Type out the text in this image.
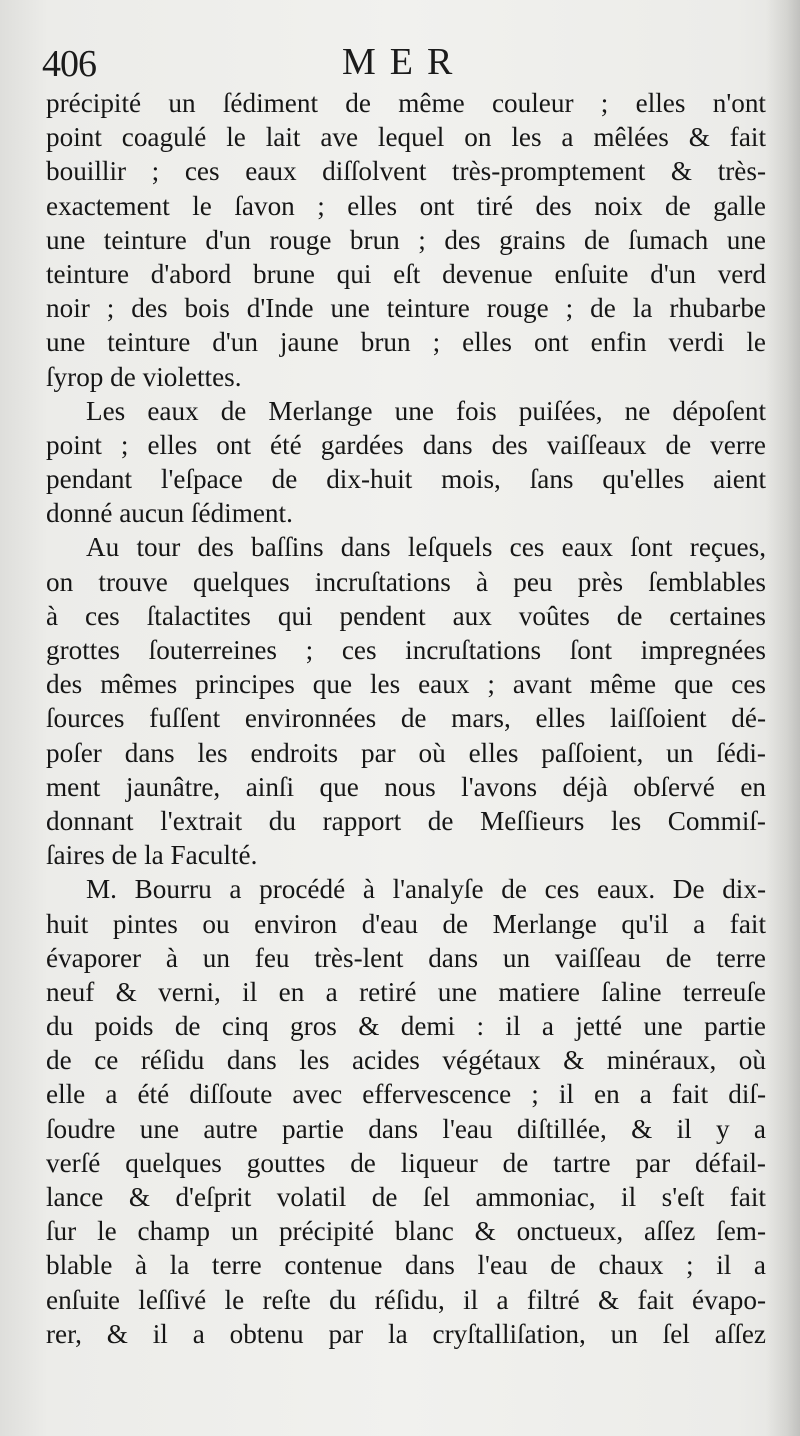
406	MER
précipité un ſédiment de même couleur ; elles n'ont
point coagulé le lait ave lequel on les a mêlées & fait
bouillir ; ces eaux diſſolvent très-promptement & très-
exactement le ſavon ; elles ont tiré des noix de galle
une teinture d'un rouge brun ; des grains de ſumach une
teinture d'abord brune qui eſt devenue enſuite d'un verd
noir ; des bois d'Inde une teinture rouge ; de la rhubarbe
une teinture d'un jaune brun ; elles ont enfin verdi le
ſyrop de violettes.
Les eaux de Merlange une fois puiſées, ne dépoſent
point ; elles ont été gardées dans des vaiſſeaux de verre
pendant l'eſpace de dix-huit mois, ſans qu'elles aient
donné aucun ſédiment.
Au tour des baſſins dans leſquels ces eaux ſont reçues,
on trouve quelques incruſtations à peu près ſemblables
à ces ſtalactites qui pendent aux voûtes de certaines
grottes ſouterreines ; ces incruſtations ſont impregnées
des mêmes principes que les eaux ; avant même que ces
ſources fuſſent environnées de mars, elles laiſſoient dé-
poſer dans les endroits par où elles paſſoient, un ſédi-
ment jaunâtre, ainſi que nous l'avons déjà obſervé en
donnant l'extrait du rapport de Meſſieurs les Commiſ-
ſaires de la Faculté.
M. Bourru a procédé à l'analyſe de ces eaux. De dix-
huit pintes ou environ d'eau de Merlange qu'il a fait
évaporer à un feu très-lent dans un vaiſſeau de terre
neuf & verni, il en a retiré une matiere ſaline terreuſe
du poids de cinq gros & demi : il a jetté une partie
de ce réſidu dans les acides végétaux & minéraux, où
elle a été diſſoute avec effervescence ; il en a fait diſ-
ſoudre une autre partie dans l'eau diſtillée, & il y a
verſé quelques gouttes de liqueur de tartre par défail-
lance & d'eſprit volatil de ſel ammoniac, il s'eſt fait
ſur le champ un précipité blanc & onctueux, aſſez ſem-
blable à la terre contenue dans l'eau de chaux ; il a
enſuite leſſivé le reſte du réſidu, il a filtré & fait évapo-
rer, & il a obtenu par la cryſtalliſation, un ſel aſſez
